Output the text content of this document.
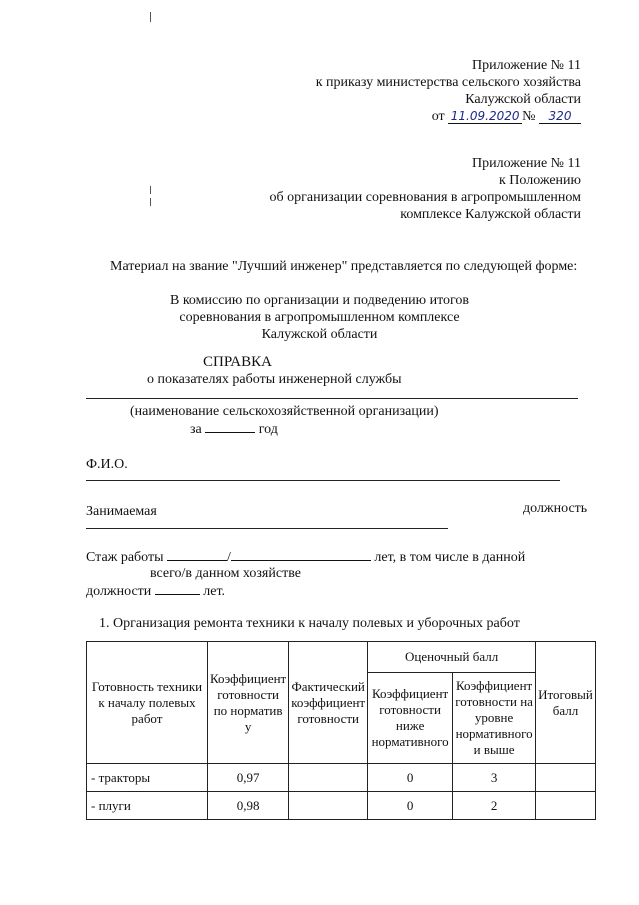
Приложение № 11
к приказу министерства сельского хозяйства
Калужской области
от 11.09.2020 № 320
Приложение № 11
к Положению
об организации соревнования в агропромышленном
комплексе Калужской области
Материал на звание "Лучший инженер" представляется по следующей форме:
В комиссию по организации и подведению итогов
соревнования в агропромышленном комплексе
Калужской области
СПРАВКА
о показателях работы инженерной службы
(наименование сельскохозяйственной организации)
за	год
Ф.И.О.
Занимаемая	должность
Стаж работы	/	лет, в том числе в данной
всего/в данном хозяйстве
должности	лет.
1. Организация ремонта техники к началу полевых и уборочных работ
Готовность техники к началу полевых работ	Коэффициент готовности по норматив у	Фактический коэффициент готовности	Оценочный балл		Итоговый балл
			Коэффициент готовности ниже нормативного	Коэффициент готовности на уровне нормативного и выше	
- тракторы	0,97		0	3	
- плуги	0,98		0	2	
